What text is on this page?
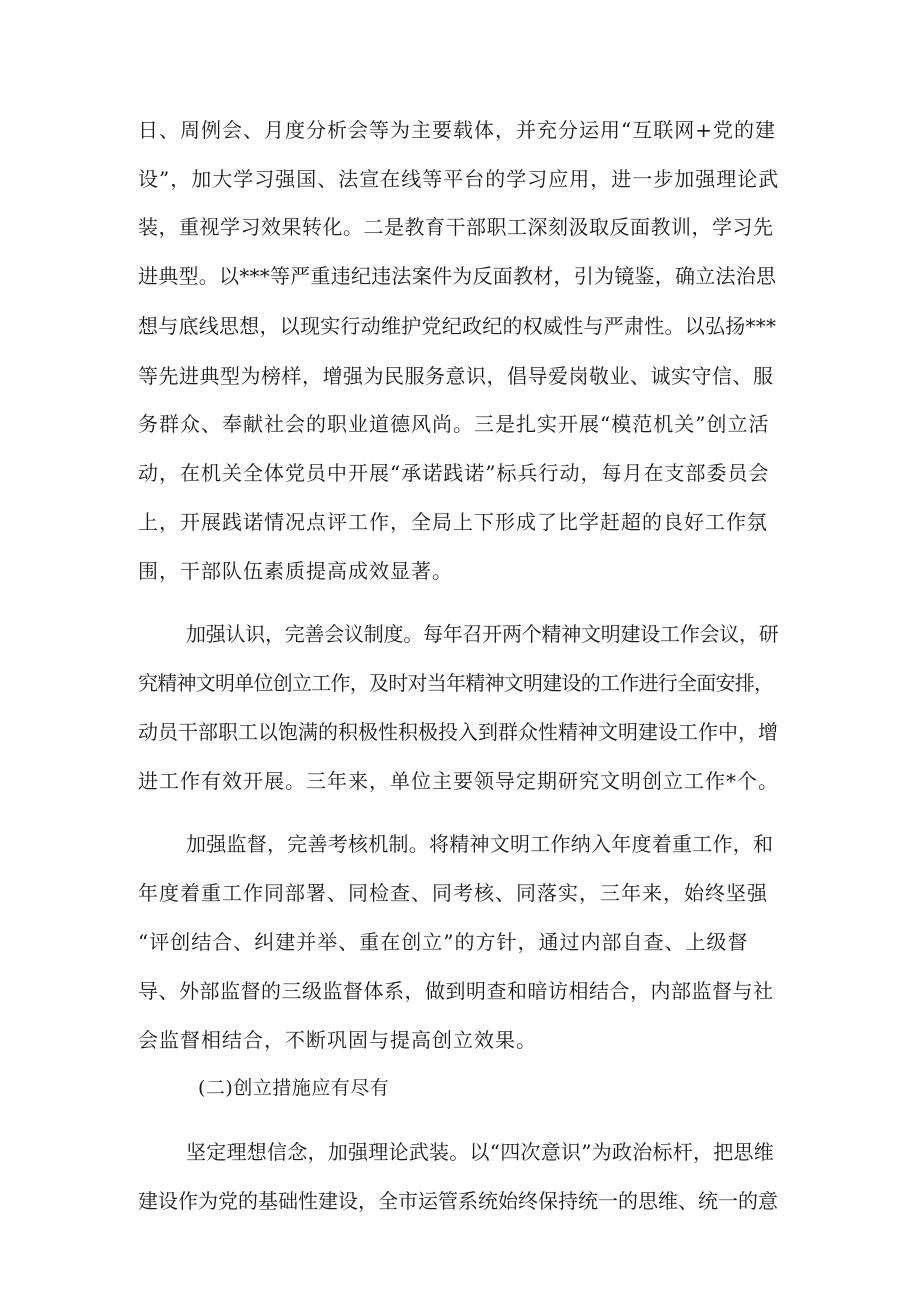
日、周例会、月度分析会等为主要载体，并充分运用“互联网+党的建
设”，加大学习强国、法宣在线等平台的学习应用，进一步加强理论武
装，重视学习效果转化。二是教育干部职工深刻汲取反面教训，学习先
进典型。以***等严重违纪违法案件为反面教材，引为镜鉴，确立法治思
想与底线思想，以现实行动维护党纪政纪的权威性与严肃性。以弘扬***
等先进典型为榜样，增强为民服务意识，倡导爱岗敬业、诚实守信、服
务群众、奉献社会的职业道德风尚。三是扎实开展“模范机关”创立活
动，在机关全体党员中开展“承诺践诺”标兵行动，每月在支部委员会
上，开展践诺情况点评工作，全局上下形成了比学赶超的良好工作氛
围，干部队伍素质提高成效显著。
加强认识，完善会议制度。每年召开两个精神文明建设工作会议，研
究精神文明单位创立工作，及时对当年精神文明建设的工作进行全面安排，
动员干部职工以饱满的积极性积极投入到群众性精神文明建设工作中，增
进工作有效开展。三年来，单位主要领导定期研究文明创立工作*个。
加强监督，完善考核机制。将精神文明工作纳入年度着重工作，和
年度着重工作同部署、同检查、同考核、同落实，三年来，始终坚强
“评创结合、纠建并举、重在创立”的方针，通过内部自查、上级督
导、外部监督的三级监督体系，做到明查和暗访相结合，内部监督与社
会监督相结合，不断巩固与提高创立效果。
(二)创立措施应有尽有
坚定理想信念，加强理论武装。以“四次意识”为政治标杆，把思维
建设作为党的基础性建设，全市运管系统始终保持统一的思维、统一的意
